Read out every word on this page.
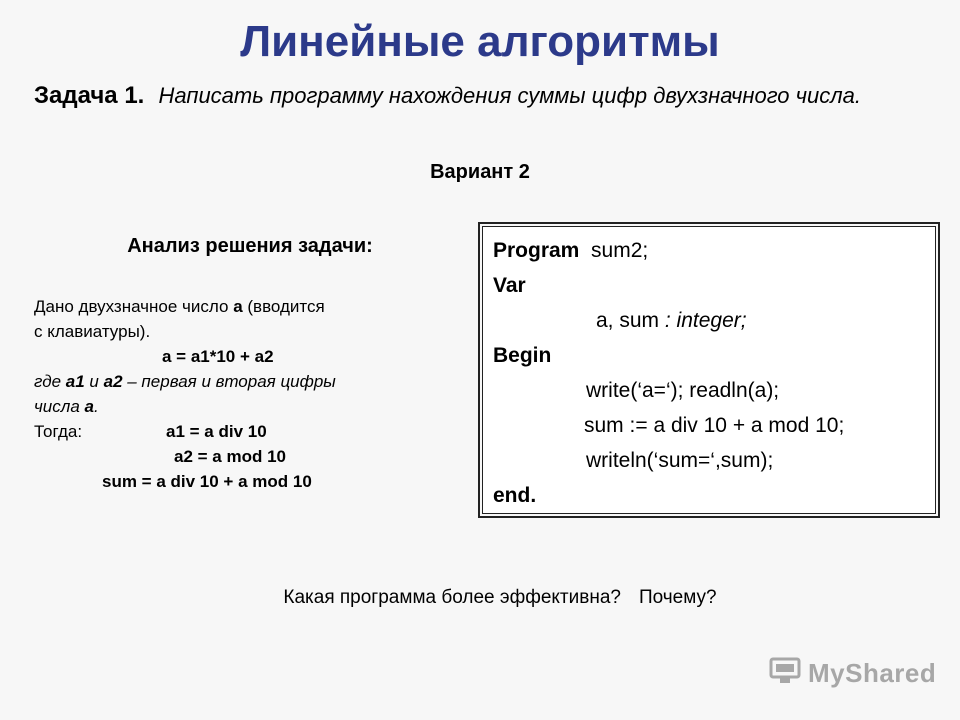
Линейные алгоритмы
Задача 1. Написать программу нахождения суммы цифр двухзначного числа.
Вариант 2
Анализ решения задачи:
Дано двухзначное число a (вводится
с клавиатуры).
a = a1*10 + a2
где a1 и a2 – первая и вторая цифры
числа a.
Тогда:	a1 = a div 10
a2 = a mod 10
sum = a div 10 + a mod 10
Program sum2;
Var
a, sum : integer;
Begin
write(‘a=‘); readln(a);
sum := a div 10 + a mod 10;
writeln(‘sum=‘,sum);
end.
Какая программа более эффективна? Почему?
MyShared
